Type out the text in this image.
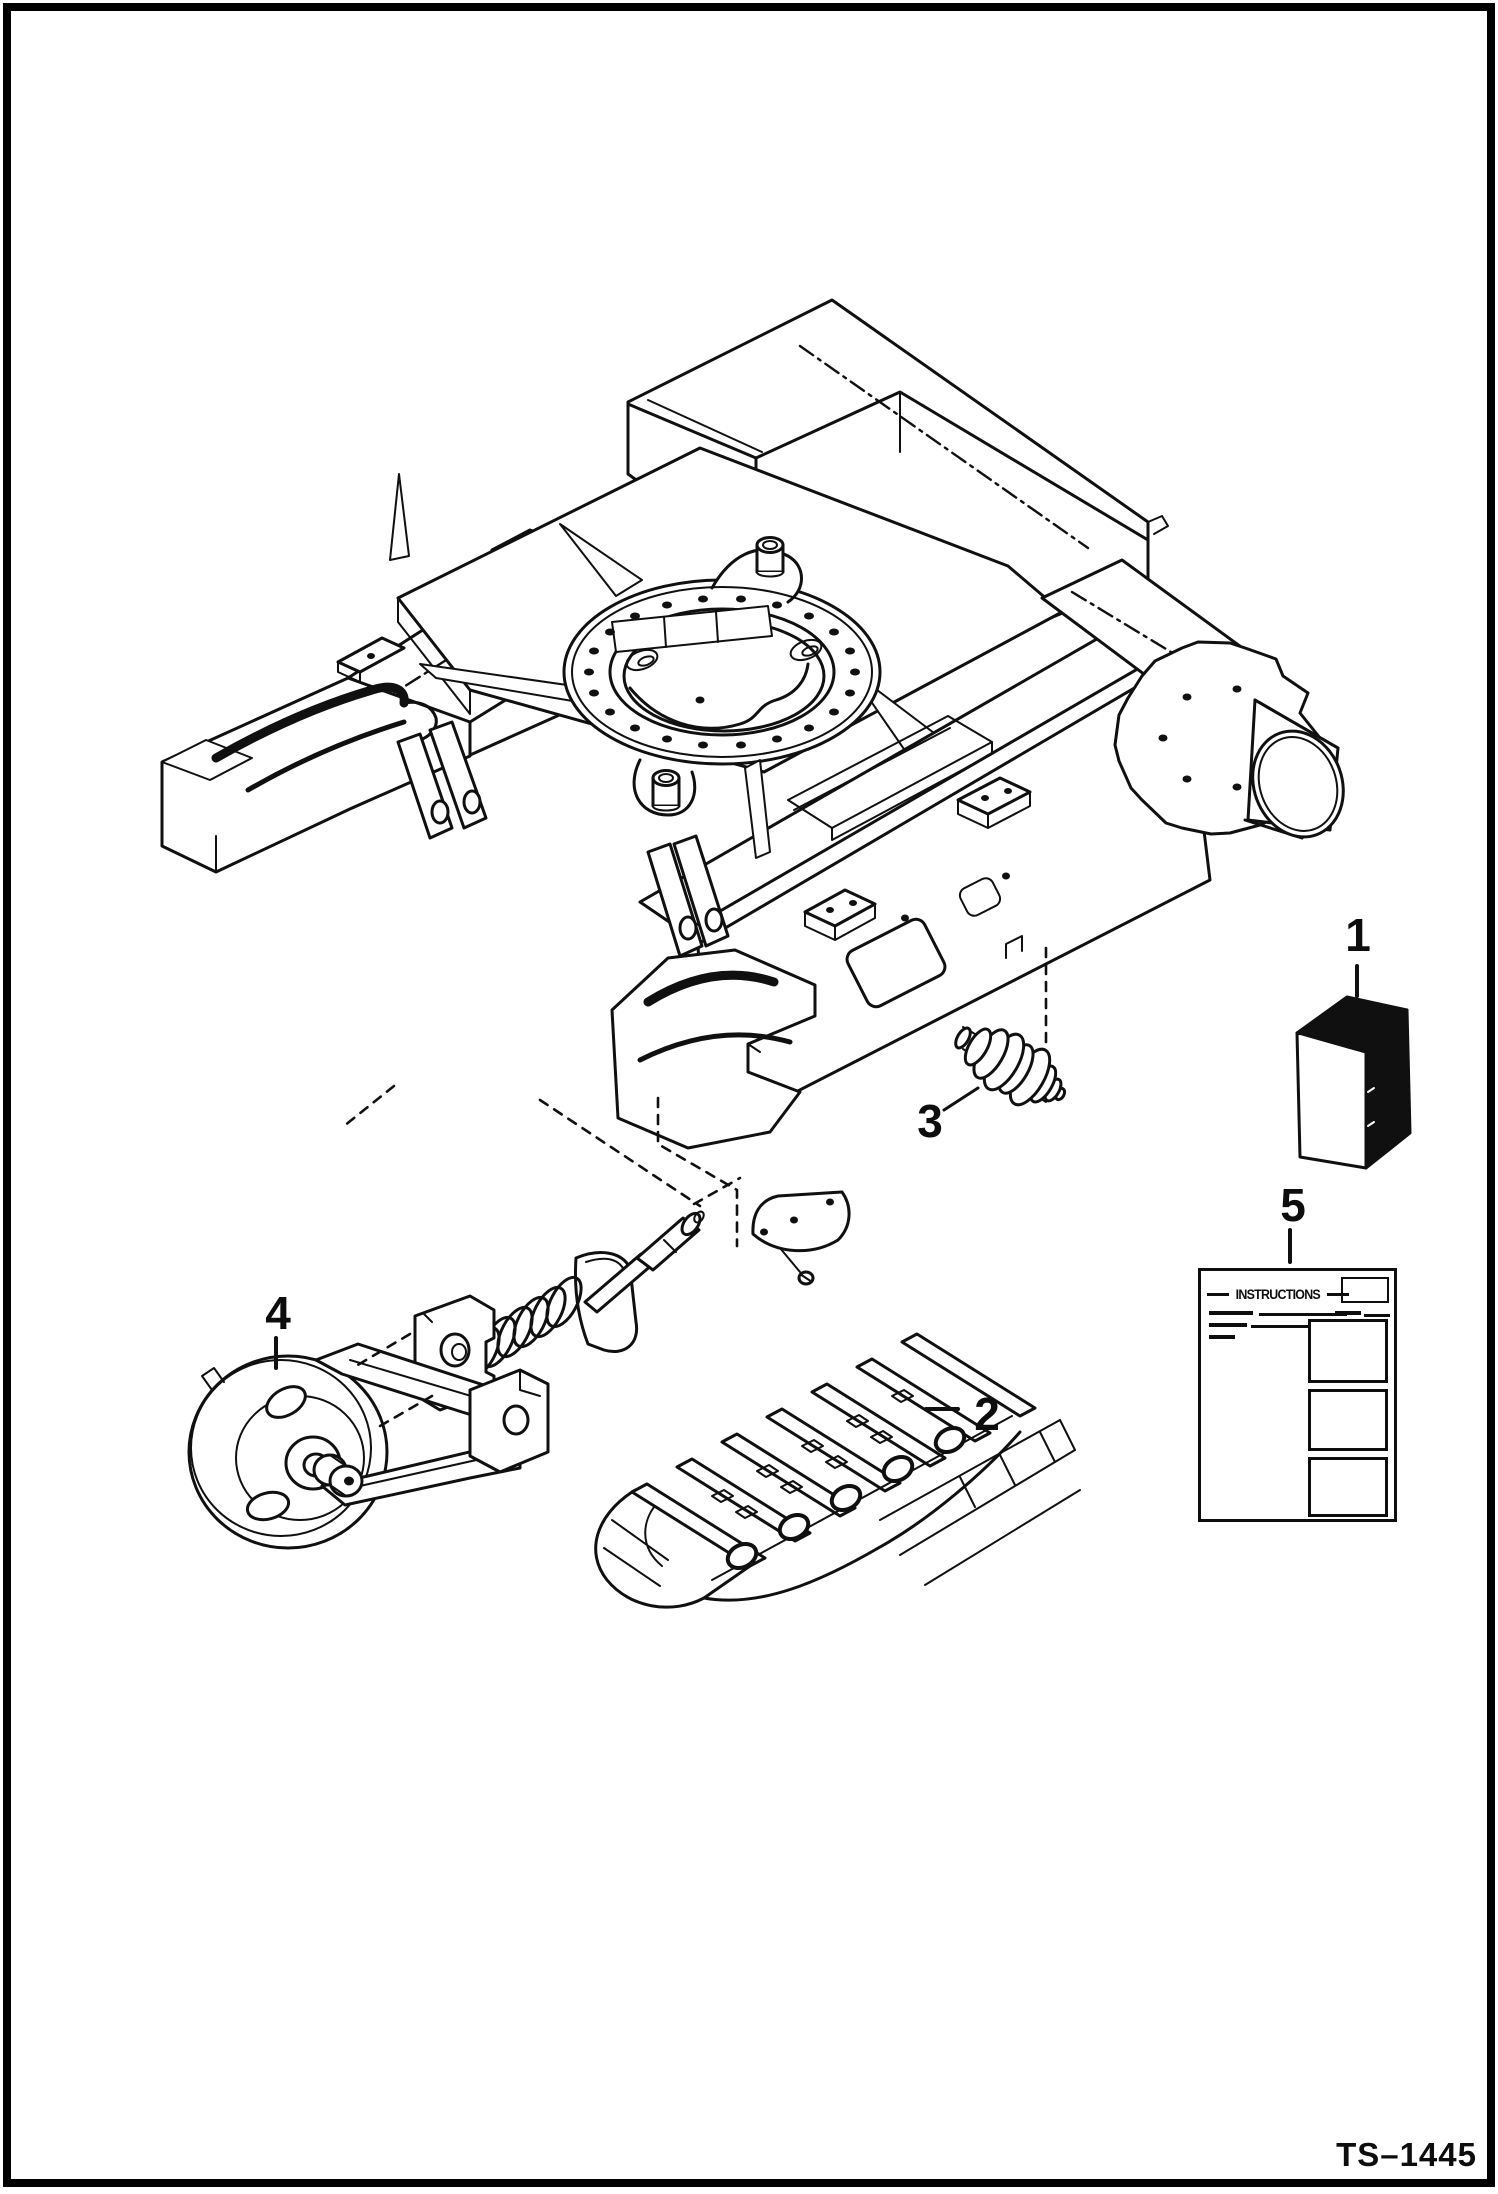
1
2
3
4
5
INSTRUCTIONS
TS–1445
